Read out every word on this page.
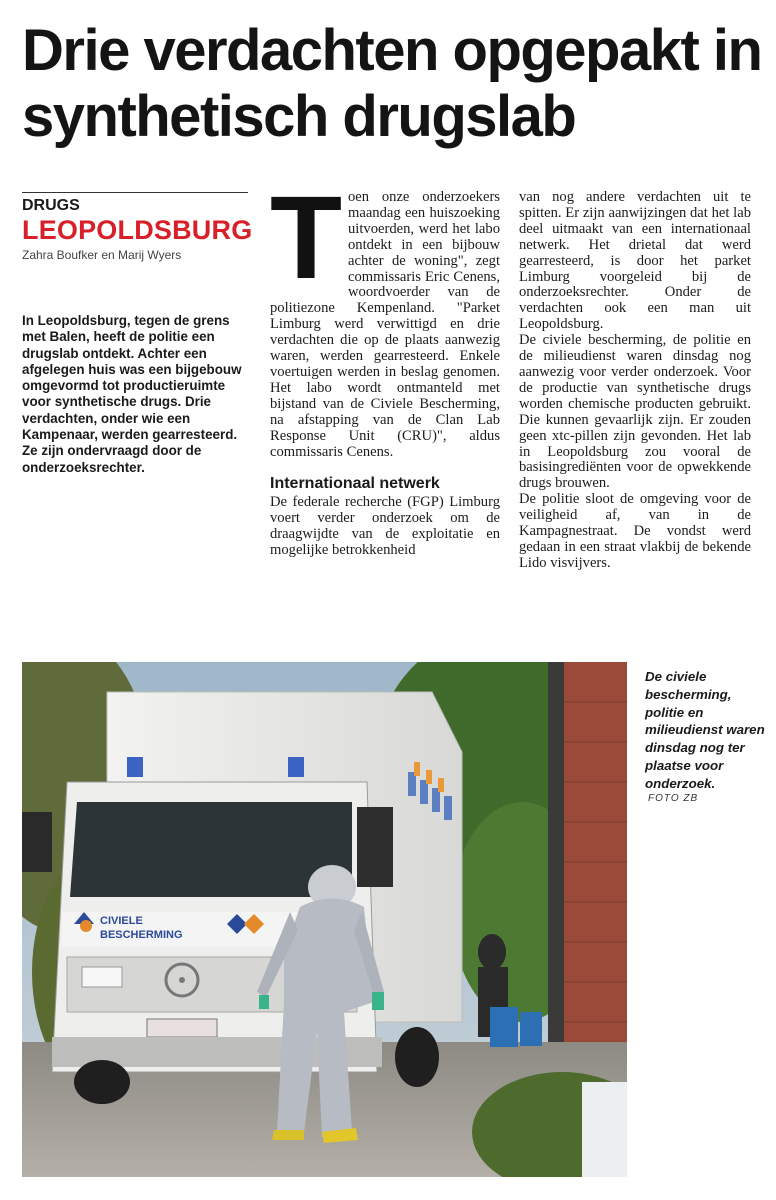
Drie verdachten opgepakt in synthetisch drugslab
DRUGS
LEOPOLDSBURG
Zahra Boufker en Marij Wyers

In Leopoldsburg, tegen de grens met Balen, heeft de politie een drugslab ontdekt. Achter een afgelegen huis was een bijgebouw omgevormd tot productieruimte voor synthetische drugs. Drie verdachten, onder wie een Kampenaar, werden gearresteerd. Ze zijn ondervraagd door de onderzoeksrechter.

T oen onze onderzoekers maandag een huiszoeking uitvoerden, werd het labo ontdekt in een bijbouw achter de woning", zegt commissaris Eric Cenens, woordvoerder van de politiezone Kempenland. "Parket Limburg werd verwittigd en drie verdachten die op de plaats aanwezig waren, werden gearresteerd. Enkele voertuigen werden in beslag genomen. Het labo wordt ontmanteld met bijstand van de Civiele Bescherming, na afstapping van de Clan Lab Response Unit (CRU)", aldus commissaris Cenens.

Internationaal netwerk

De federale recherche (FGP) Limburg voert verder onderzoek om de draagwijdte van de exploitatie en mogelijke betrokkenheid

van nog andere verdachten uit te spitten. Er zijn aanwijzingen dat het lab deel uitmaakt van een internationaal netwerk. Het drietal dat werd gearresteerd, is door het parket Limburg voorgeleid bij de onderzoeksrechter. Onder de verdachten ook een man uit Leopoldsburg.

De civiele bescherming, de politie en de milieudienst waren dinsdag nog aanwezig voor verder onderzoek. Voor de productie van synthetische drugs worden chemische producten gebruikt. Die kunnen gevaarlijk zijn. Er zouden geen xtc-pillen zijn gevonden. Het lab in Leopoldsburg zou vooral de basisingrediënten voor de opwekkende drugs brouwen.

De politie sloot de omgeving voor de veiligheid af, van in de Kampagnestraat. De vondst werd gedaan in een straat vlakbij de bekende Lido visvijvers.

CIVIELE
BESCHERMING
De civiele bescherming, politie en milieudienst waren dinsdag nog ter plaatse voor onderzoek.
FOTO ZB
